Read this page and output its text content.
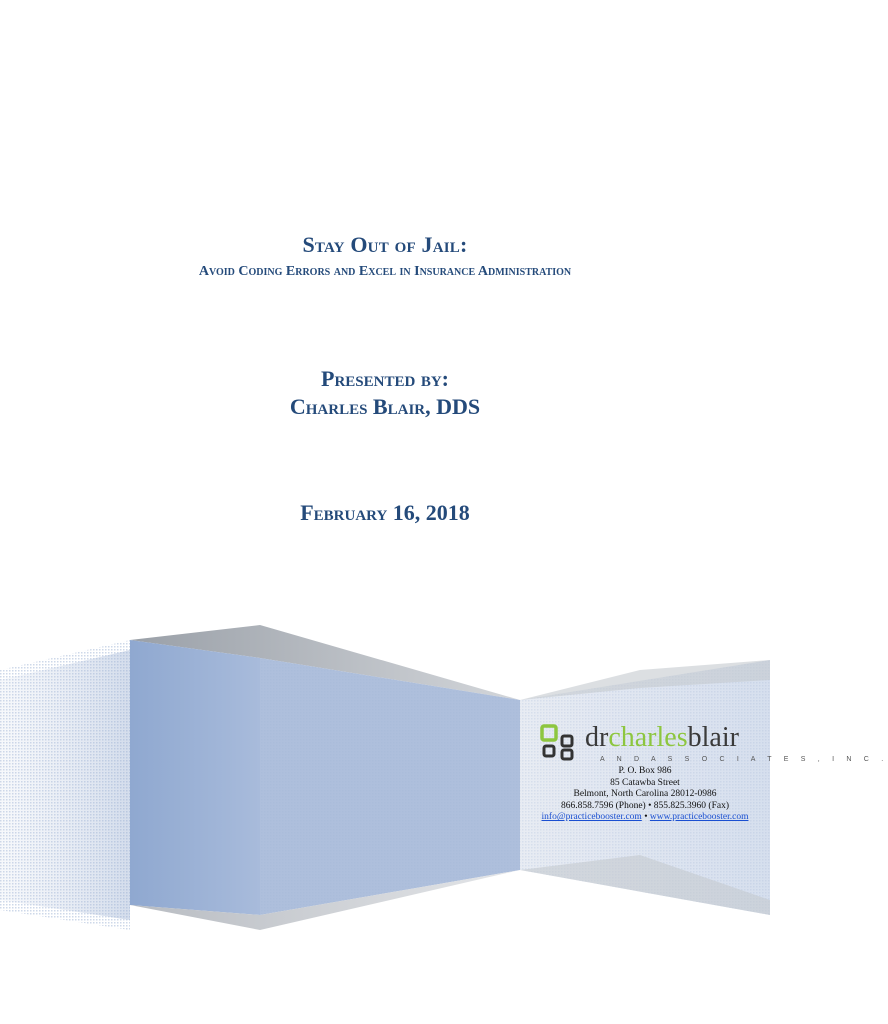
Stay Out of Jail:
Avoid Coding Errors and Excel in Insurance Administration
Presented by:
Charles Blair, DDS
February 16, 2018
drcharlesblair
A N D A S S O C I A T E S , I N C .
P. O. Box 986
85 Catawba Street
Belmont, North Carolina 28012-0986
866.858.7596 (Phone) • 855.825.3960 (Fax)
info@practicebooster.com • www.practicebooster.com
